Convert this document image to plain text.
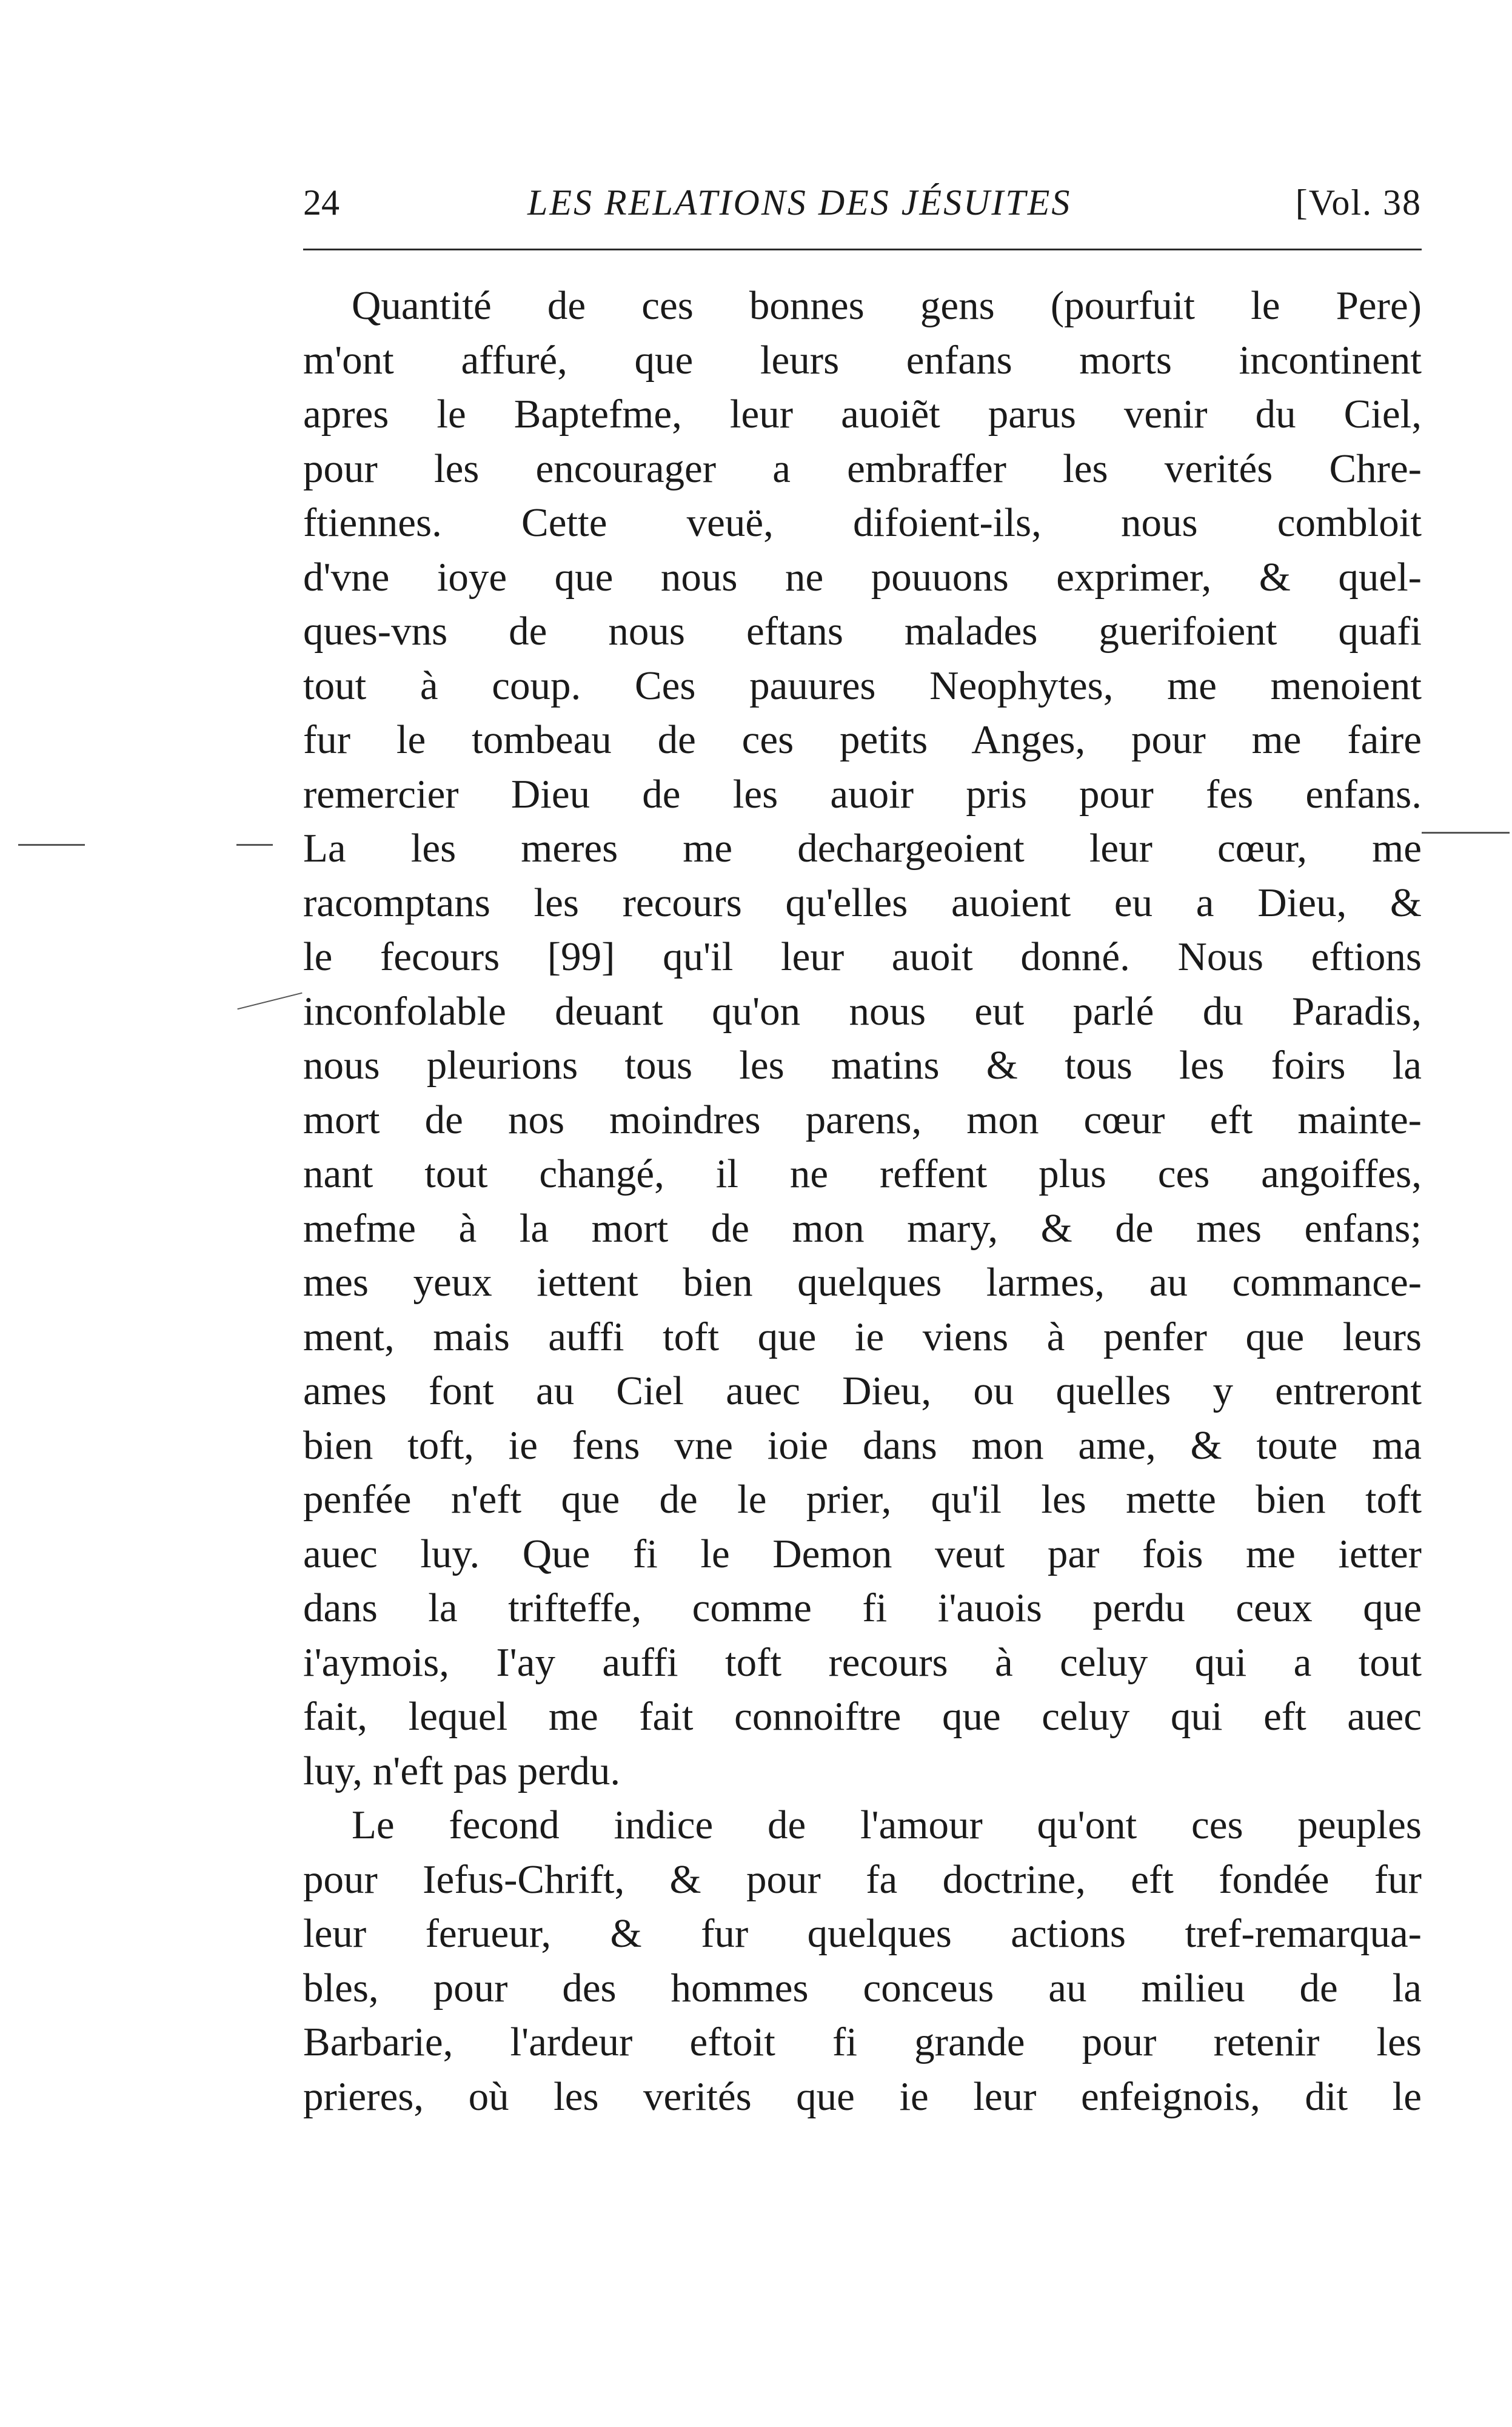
24	LES RELATIONS DES JÉSUITES	[Vol. 38

Quantité de ces bonnes gens (pourfuit le Pere)
m'ont affuré, que leurs enfans morts incontinent
apres le Baptefme, leur auoiẽt parus venir du Ciel,
pour les encourager a embraffer les verités Chre-
ftiennes. Cette veuë, difoient-ils, nous combloit
d'vne ioye que nous ne pouuons exprimer, & quel-
ques-vns de nous eftans malades guerifoient quafi
tout à coup. Ces pauures Neophytes, me menoient
fur le tombeau de ces petits Anges, pour me faire
remercier Dieu de les auoir pris pour fes enfans.
La les meres me dechargeoient leur cœur, me
racomptans les recours qu'elles auoient eu a Dieu, &
le fecours [99] qu'il leur auoit donné. Nous eftions
inconfolable deuant qu'on nous eut parlé du Paradis,
nous pleurions tous les matins & tous les foirs la
mort de nos moindres parens, mon cœur eft mainte-
nant tout changé, il ne reffent plus ces angoiffes,
mefme à la mort de mon mary, & de mes enfans;
mes yeux iettent bien quelques larmes, au commance-
ment, mais auffi toft que ie viens à penfer que leurs
ames font au Ciel auec Dieu, ou quelles y entreront
bien toft, ie fens vne ioie dans mon ame, & toute ma
penfée n'eft que de le prier, qu'il les mette bien toft
auec luy. Que fi le Demon veut par fois me ietter
dans la trifteffe, comme fi i'auois perdu ceux que
i'aymois, I'ay auffi toft recours à celuy qui a tout
fait, lequel me fait connoiftre que celuy qui eft auec
luy, n'eft pas perdu.

Le fecond indice de l'amour qu'ont ces peuples
pour Iefus-Chrift, & pour fa doctrine, eft fondée fur
leur ferueur, & fur quelques actions tref-remarqua-
bles, pour des hommes conceus au milieu de la
Barbarie, l'ardeur eftoit fi grande pour retenir les
prieres, où les verités que ie leur enfeignois, dit le
